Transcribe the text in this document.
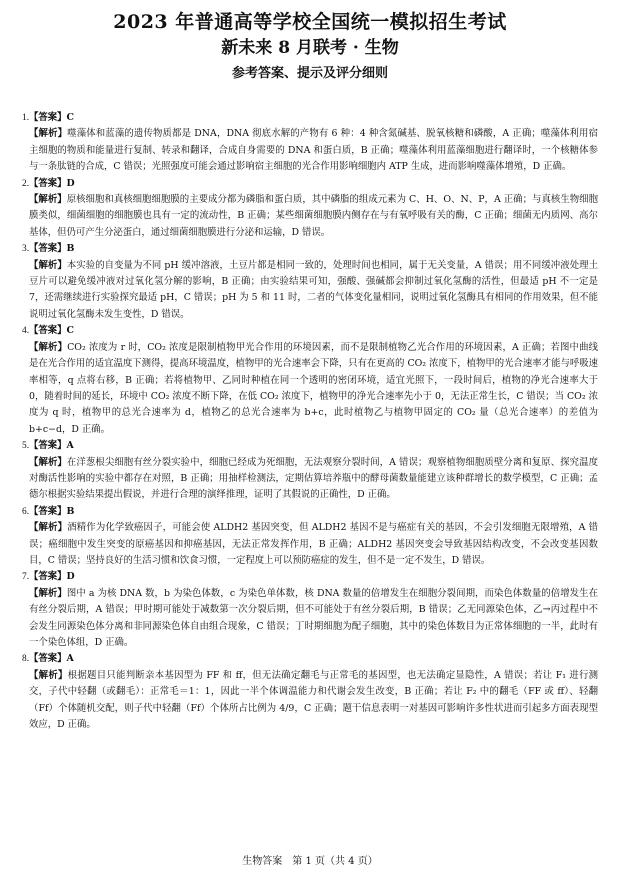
2023 年普通高等学校全国统一模拟招生考试
新未来 8 月联考 · 生物
参考答案、提示及评分细则

1.【答案】C

【解析】噬藻体和蓝藻的遗传物质都是 DNA，DNA 彻底水解的产物有 6 种：4 种含氮碱基、脱氧核糖和磷酸，A 正确；噬藻体利用宿主细胞的物质和能量进行复制、转录和翻译，合成自身需要的 DNA 和蛋白质，B 正确；噬藻体利用蓝藻细胞进行翻译时，一个核糖体参与一条肽链的合成，C 错误；光照强度可能会通过影响宿主细胞的光合作用影响细胞内 ATP 生成，进而影响噬藻体增殖，D 正确。

2.【答案】D

【解析】原核细胞和真核细胞细胞膜的主要成分都为磷脂和蛋白质，其中磷脂的组成元素为 C、H、O、N、P，A 正确；与真核生物细胞膜类似，细菌细胞的细胞膜也具有一定的流动性，B 正确；某些细菌细胞膜内侧存在与有氧呼吸有关的酶，C 正确；细菌无内质网、高尔基体，但仍可产生分泌蛋白，通过细菌细胞膜进行分泌和运输，D 错误。

3.【答案】B

【解析】本实验的自变量为不同 pH 缓冲溶液，土豆片都是相同一致的，处理时间也相同，属于无关变量，A 错误；用不同缓冲液处理土豆片可以避免缓冲液对过氧化氢分解的影响，B 正确；由实验结果可知，强酸、强碱都会抑制过氧化氢酶的活性，但最适 pH 不一定是 7，还需继续进行实验探究最适 pH，C 错误；pH 为 5 和 11 时，二者的气体变化量相同，说明过氧化氢酶具有相同的作用效果，但不能说明过氧化氢酶未发生变性，D 错误。

4.【答案】C

【解析】CO₂ 浓度为 r 时，CO₂ 浓度是限制植物甲光合作用的环境因素，而不是限制植物乙光合作用的环境因素，A 正确；若图中曲线是在光合作用的适宜温度下测得，提高环境温度，植物甲的光合速率会下降，只有在更高的 CO₂ 浓度下，植物甲的光合速率才能与呼吸速率相等，q 点将右移，B 正确；若将植物甲、乙同时种植在同一个透明的密闭环境，适宜光照下，一段时间后，植物的净光合速率大于 0，随着时间的延长，环境中 CO₂ 浓度不断下降，在低 CO₂ 浓度下，植物甲的净光合速率先小于 0，无法正常生长，C 错误；当 CO₂ 浓度为 q 时，植物甲的总光合速率为 d，植物乙的总光合速率为 b+c，此时植物乙与植物甲固定的 CO₂ 量（总光合速率）的差值为 b+c−d，D 正确。

5.【答案】A

【解析】在洋葱根尖细胞有丝分裂实验中，细胞已经成为死细胞，无法观察分裂时间，A 错误；观察植物细胞质壁分离和复原、探究温度对酶活性影响的实验中都存在对照，B 正确；用抽样检测法，定期估算培养瓶中的酵母菌数量能建立该种群增长的数学模型，C 正确；孟德尔根据实验结果提出假说，并进行合理的演绎推理，证明了其假说的正确性，D 正确。

6.【答案】B

【解析】酒精作为化学致癌因子，可能会使 ALDH2 基因突变，但 ALDH2 基因不是与癌症有关的基因，不会引发细胞无限增殖，A 错误；癌细胞中发生突变的原癌基因和抑癌基因，无法正常发挥作用，B 正确；ALDH2 基因突变会导致基因结构改变，不会改变基因数目，C 错误；坚持良好的生活习惯和饮食习惯，一定程度上可以预防癌症的发生，但不是一定不发生，D 错误。

7.【答案】D

【解析】图中 a 为核 DNA 数，b 为染色体数，c 为染色单体数，核 DNA 数量的倍增发生在细胞分裂间期，而染色体数量的倍增发生在有丝分裂后期，A 错误；甲时期可能处于减数第一次分裂后期，但不可能处于有丝分裂后期，B 错误；乙无同源染色体，乙→丙过程中不会发生同源染色体分离和非同源染色体自由组合现象，C 错误；丁时期细胞为配子细胞，其中的染色体数目为正常体细胞的一半，此时有一个染色体组，D 正确。

8.【答案】A

【解析】根据题目只能判断亲本基因型为 FF 和 ff，但无法确定翻毛与正常毛的基因型，也无法确定显隐性，A 错误；若让 F₁ 进行测交，子代中轻翻（或翻毛）：正常毛＝1：1，因此一半个体调温能力和代谢会发生改变，B 正确；若让 F₂ 中的翻毛（FF 或 ff）、轻翻（Ff）个体随机交配，则子代中轻翻（Ff）个体所占比例为 4/9，C 正确；题干信息表明一对基因可影响许多性状进而引起多方面表现型效应，D 正确。

生物答案　第 1 页（共 4 页）
